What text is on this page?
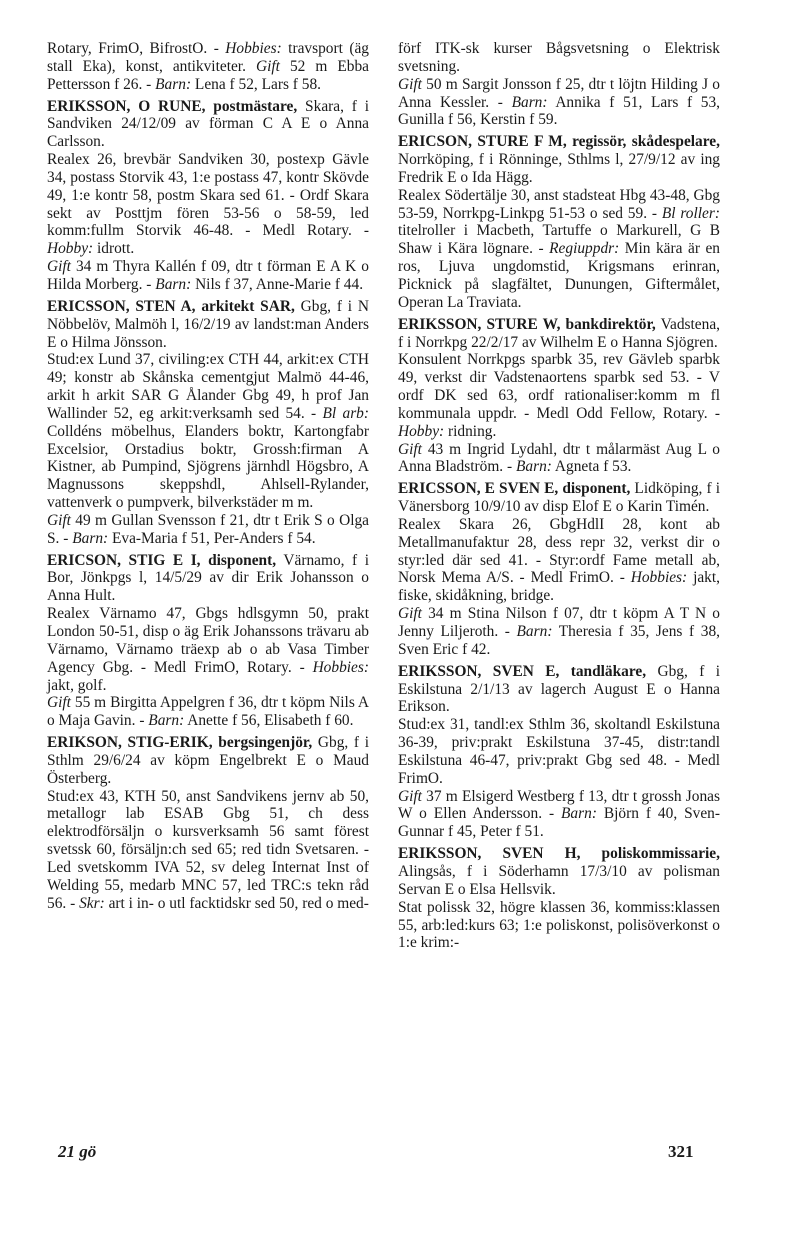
Rotary, FrimO, BifrostO. - Hobbies: travsport (äg stall Eka), konst, antikviteter. Gift 52 m Ebba Pettersson f 26. - Barn: Lena f 52, Lars f 58.
ERIKSSON, O RUNE, postmästare, Skara, f i Sandviken 24/12/09 av förman C A E o Anna Carlsson.
Realex 26, brevbär Sandviken 30, postexp Gävle 34, postass Storvik 43, 1:e postass 47, kontr Skövde 49, 1:e kontr 58, postm Skara sed 61. - Ordf Skara sekt av Posttjm fören 53-56 o 58-59, led komm:fullm Storvik 46-48. - Medl Rotary. - Hobby: idrott.
Gift 34 m Thyra Kallén f 09, dtr t förman E A K o Hilda Morberg. - Barn: Nils f 37, Anne-Marie f 44.
ERICSSON, STEN A, arkitekt SAR, Gbg, f i N Nöbbelöv, Malmöh l, 16/2/19 av landst:man Anders E o Hilma Jönsson.
Stud:ex Lund 37, civiling:ex CTH 44, arkit:ex CTH 49; konstr ab Skånska cementgjut Malmö 44-46, arkit h arkit SAR G Ålander Gbg 49, h prof Jan Wallinder 52, eg arkit:verksamh sed 54. - Bl arb: Colldéns möbelhus, Elanders boktr, Kartongfabr Excelsior, Orstadius boktr, Grossh:firman A Kistner, ab Pumpind, Sjögrens järnhdl Högsbro, A Magnussons skeppshdl, Ahlsell-Rylander, vattenverk o pumpverk, bilverkstäder m m.
Gift 49 m Gullan Svensson f 21, dtr t Erik S o Olga S. - Barn: Eva-Maria f 51, Per-Anders f 54.
ERICSON, STIG E I, disponent, Värnamo, f i Bor, Jönkpgs l, 14/5/29 av dir Erik Johansson o Anna Hult.
Realex Värnamo 47, Gbgs hdlsgymn 50, prakt London 50-51, disp o äg Erik Johanssons trävaru ab Värnamo, Värnamo träexp ab o ab Vasa Timber Agency Gbg. - Medl FrimO, Rotary. - Hobbies: jakt, golf.
Gift 55 m Birgitta Appelgren f 36, dtr t köpm Nils A o Maja Gavin. - Barn: Anette f 56, Elisabeth f 60.
ERIKSON, STIG-ERIK, bergsingenjör, Gbg, f i Sthlm 29/6/24 av köpm Engelbrekt E o Maud Österberg.
Stud:ex 43, KTH 50, anst Sandvikens jernv ab 50, metallogr lab ESAB Gbg 51, ch dess elektrodförsäljn o kursverksamh 56 samt förest svetssk 60, försäljn:ch sed 65; red tidn Svetsaren. - Led svetskomm IVA 52, sv deleg Internat Inst of Welding 55, medarb MNC 57, led TRC:s tekn råd 56. - Skr: art i in- o utl facktidskr sed 50, red o med-
förf ITK-sk kurser Bågsvetsning o Elektrisk svetsning.
Gift 50 m Sargit Jonsson f 25, dtr t löjtn Hilding J o Anna Kessler. - Barn: Annika f 51, Lars f 53, Gunilla f 56, Kerstin f 59.
ERICSON, STURE F M, regissör, skådespelare, Norrköping, f i Rönninge, Sthlms l, 27/9/12 av ing Fredrik E o Ida Hägg.
Realex Södertälje 30, anst stadsteat Hbg 43-48, Gbg 53-59, Norrkpg-Linkpg 51-53 o sed 59. - Bl roller: titelroller i Macbeth, Tartuffe o Markurell, G B Shaw i Kära lögnare. - Regiuppdr: Min kära är en ros, Ljuva ungdomstid, Krigsmans erinran, Picknick på slagfältet, Dunungen, Giftermålet, Operan La Traviata.
ERIKSSON, STURE W, bankdirektör, Vadstena, f i Norrkpg 22/2/17 av Wilhelm E o Hanna Sjögren.
Konsulent Norrkpgs sparbk 35, rev Gävleb sparbk 49, verkst dir Vadstenaortens sparbk sed 53. - V ordf DK sed 63, ordf rationaliser:komm m fl kommunala uppdr. - Medl Odd Fellow, Rotary. - Hobby: ridning.
Gift 43 m Ingrid Lydahl, dtr t målarmäst Aug L o Anna Bladström. - Barn: Agneta f 53.
ERICSSON, E SVEN E, disponent, Lidköping, f i Vänersborg 10/9/10 av disp Elof E o Karin Timén.
Realex Skara 26, GbgHdlI 28, kont ab Metallmanufaktur 28, dess repr 32, verkst dir o styr:led där sed 41. - Styr:ordf Fame metall ab, Norsk Mema A/S. - Medl FrimO. - Hobbies: jakt, fiske, skidåkning, bridge.
Gift 34 m Stina Nilson f 07, dtr t köpm A T N o Jenny Liljeroth. - Barn: Theresia f 35, Jens f 38, Sven Eric f 42.
ERIKSSON, SVEN E, tandläkare, Gbg, f i Eskilstuna 2/1/13 av lagerch August E o Hanna Erikson.
Stud:ex 31, tandl:ex Sthlm 36, skoltandl Eskilstuna 36-39, priv:prakt Eskilstuna 37-45, distr:tandl Eskilstuna 46-47, priv:prakt Gbg sed 48. - Medl FrimO.
Gift 37 m Elsigerd Westberg f 13, dtr t grossh Jonas W o Ellen Andersson. - Barn: Björn f 40, Sven-Gunnar f 45, Peter f 51.
ERIKSSON, SVEN H, poliskommissarie, Alingsås, f i Söderhamn 17/3/10 av polisman Servan E o Elsa Hellsvik.
Stat polissk 32, högre klassen 36, kommiss:klassen 55, arb:led:kurs 63; 1:e poliskonst, polisöverkonst o 1:e krim:-
21 gö	321
